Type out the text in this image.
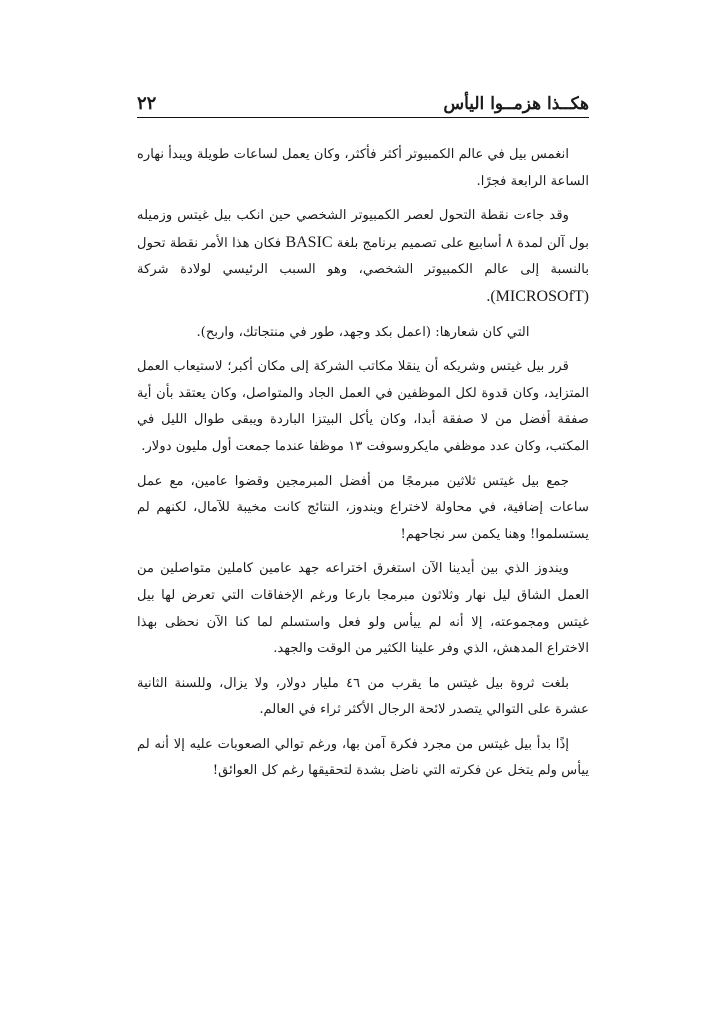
هكــذا هزمــوا اليأس
٢٢

انغمس بيل في عالم الكمبيوتر أكثر فأكثر، وكان يعمل لساعات طويلة ويبدأ نهاره الساعة الرابعة فجرًا.

وقد جاءت نقطة التحول لعصر الكمبيوتر الشخصي حين انكب بيل غيتس وزميله بول آلن لمدة ٨ أسابيع على تصميم برنامج بلغة BASIC فكان هذا الأمر نقطة تحول بالنسبة إلى عالم الكمبيوتر الشخصي، وهو السبب الرئيسي لولادة شركة (MICROSOfT).

التي كان شعارها: (اعمل بكد وجهد، طور في منتجاتك، واربح).

قرر بيل غيتس وشريكه أن ينقلا مكاتب الشركة إلى مكان أكبر؛ لاستيعاب العمل المتزايد، وكان قدوة لكل الموظفين في العمل الجاد والمتواصل، وكان يعتقد بأن أية صفقة أفضل من لا صفقة أبدا، وكان يأكل البيتزا الباردة ويبقى طوال الليل في المكتب، وكان عدد موظفي مايكروسوفت ١٣ موظفا عندما جمعت أول مليون دولار.

جمع بيل غيتس ثلاثين مبرمجًا من أفضل المبرمجين وقضوا عامين، مع عمل ساعات إضافية، في محاولة لاختراع ويندوز، النتائج كانت مخيبة للآمال، لكنهم لم يستسلموا! وهنا يكمن سر نجاحهم!

ويندوز الذي بين أيدينا الآن استغرق اختراعه جهد عامين كاملين متواصلين من العمل الشاق ليل نهار وثلاثون مبرمجا بارعا ورغم الإخفاقات التي تعرض لها بيل غيتس ومجموعته، إلا أنه لم ييأس ولو فعل واستسلم لما كنا الآن نحظى بهذا الاختراع المدهش، الذي وفر علينا الكثير من الوقت والجهد.

بلغت ثروة بيل غيتس ما يقرب من ٤٦ مليار دولار، ولا يزال، وللسنة الثانية عشرة على التوالي يتصدر لائحة الرجال الأكثر ثراء في العالم.

إذًا بدأ بيل غيتس من مجرد فكرة آمن بها، ورغم توالي الصعوبات عليه إلا أنه لم ييأس ولم يتخل عن فكرته التي ناضل بشدة لتحقيقها رغم كل العوائق!
